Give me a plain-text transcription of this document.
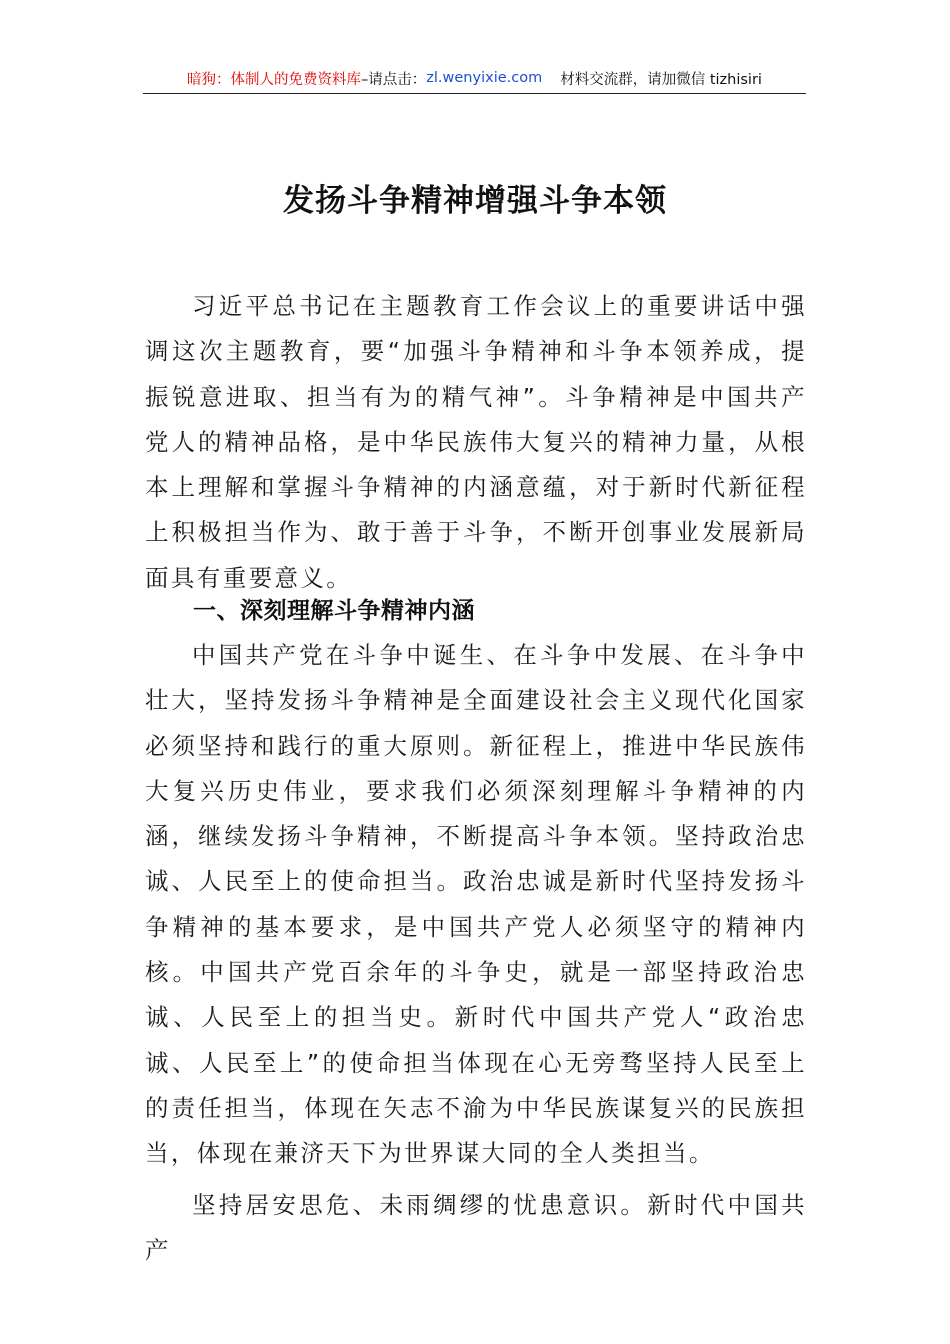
暗狗：体制人的免费资料库 –请点击： zl.wenyixie.com 材料交流群，请加微信 tizhisiri
发扬斗争精神增强斗争本领

习近平总书记在主题教育工作会议上的重要讲话中强调这次主题教育，要“加强斗争精神和斗争本领养成，提振锐意进取、担当有为的精气神”。斗争精神是中国共产党人的精神品格，是中华民族伟大复兴的精神力量，从根本上理解和掌握斗争精神的内涵意蕴，对于新时代新征程上积极担当作为、敢于善于斗争，不断开创事业发展新局面具有重要意义。

一、深刻理解斗争精神内涵

中国共产党在斗争中诞生、在斗争中发展、在斗争中壮大，坚持发扬斗争精神是全面建设社会主义现代化国家必须坚持和践行的重大原则。新征程上，推进中华民族伟大复兴历史伟业，要求我们必须深刻理解斗争精神的内涵，继续发扬斗争精神，不断提高斗争本领。坚持政治忠诚、人民至上的使命担当。政治忠诚是新时代坚持发扬斗争精神的基本要求，是中国共产党人必须坚守的精神内核。中国共产党百余年的斗争史，就是一部坚持政治忠诚、人民至上的担当史。新时代中国共产党人“政治忠诚、人民至上”的使命担当体现在心无旁骛坚持人民至上的责任担当，体现在矢志不渝为中华民族谋复兴的民族担当，体现在兼济天下为世界谋大同的全人类担当。

坚持居安思危、未雨绸缪的忧患意识。新时代中国共产
